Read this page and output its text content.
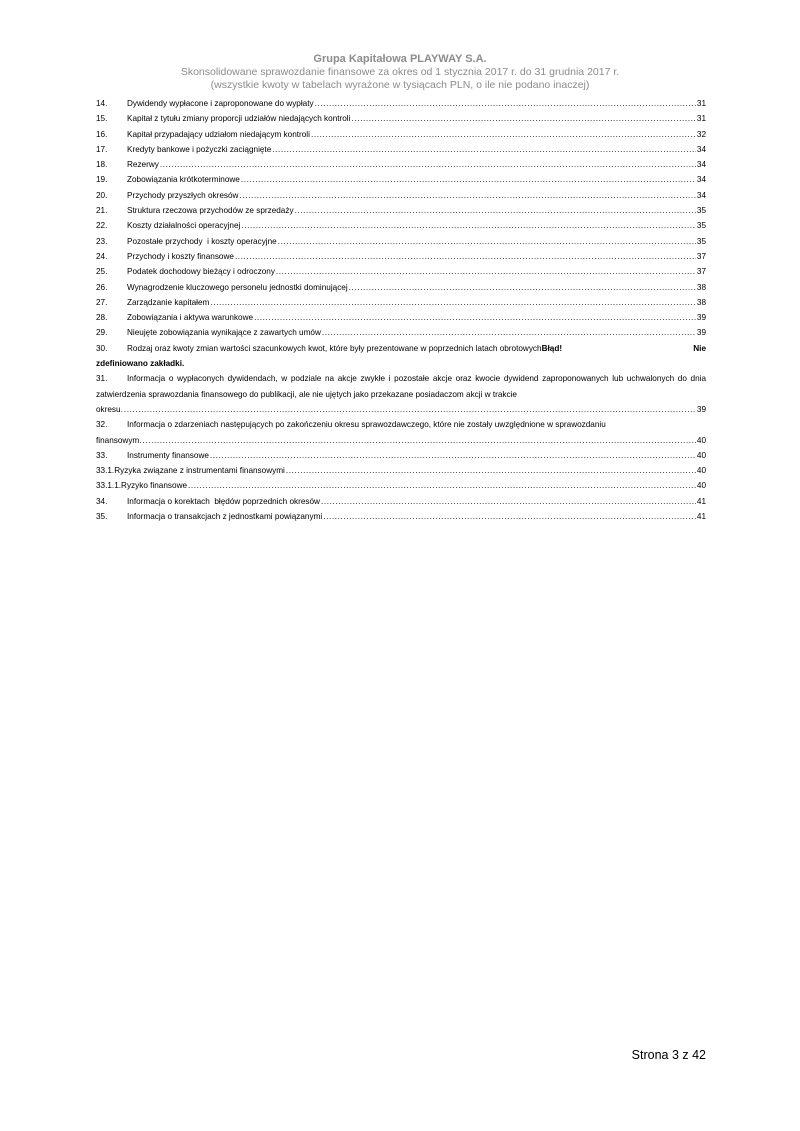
Grupa Kapitałowa PLAYWAY S.A.
Skonsolidowane sprawozdanie finansowe za okres od 1 stycznia 2017 r. do 31 grudnia 2017 r.
(wszystkie kwoty w tabelach wyrażone w tysiącach PLN, o ile nie podano inaczej)
14.	Dywidendy wypłacone i zaproponowane do wypłaty .....	31
15.	Kapitał z tytułu zmiany proporcji udziałów niedających kontroli .....	31
16.	Kapitał przypadający udziałom niedającym kontroli .....	32
17.	Kredyty bankowe i pożyczki zaciągnięte .....	34
18.	Rezerwy .....	34
19.	Zobowiązania krótkoterminowe .....	34
20.	Przychody przyszłych okresów .....	34
21.	Struktura rzeczowa przychodów ze sprzedaży .....	35
22.	Koszty działalności operacyjnej .....	35
23.	Pozostałe przychody  i koszty operacyjne .....	35
24.	Przychody i koszty finansowe .....	37
25.	Podatek dochodowy bieżący i odroczony .....	37
26.	Wynagrodzenie kluczowego personelu jednostki dominującej .....	38
27.	Zarządzanie kapitałem .....	38
28.	Zobowiązania i aktywa warunkowe .....	39
29.	Nieujęte zobowiązania wynikające z zawartych umów .....	39
30. Rodzaj oraz kwoty zmian wartości szacunkowych kwot, które były prezentowane w poprzednich latach obrotowychBłąd!	Nie
zdefiniowano zakładki.
31. Informacja o wypłaconych dywidendach, w podziale na akcje zwykłe i pozostałe akcje oraz kwocie dywidend zaproponowanych lub uchwalonych do dnia zatwierdzenia sprawozdania finansowego do publikacji, ale nie ujętych jako przekazane posiadaczom akcji w trakcie
okresu. .....	39
32. Informacja o zdarzeniach następujących po zakończeniu okresu sprawozdawczego, które nie zostały uwzględnione w sprawozdaniu
finansowym. .....	40
33.	Instrumenty finansowe .....	40
33.1. Ryzyka związane z instrumentami finansowymi .....	40
33.1.1. Ryzyko finansowe .....	40
34.	Informacja o korektach  błędów poprzednich okresów .....	41
35.	Informacja o transakcjach z jednostkami powiązanymi .....	41
Strona 3 z 42
